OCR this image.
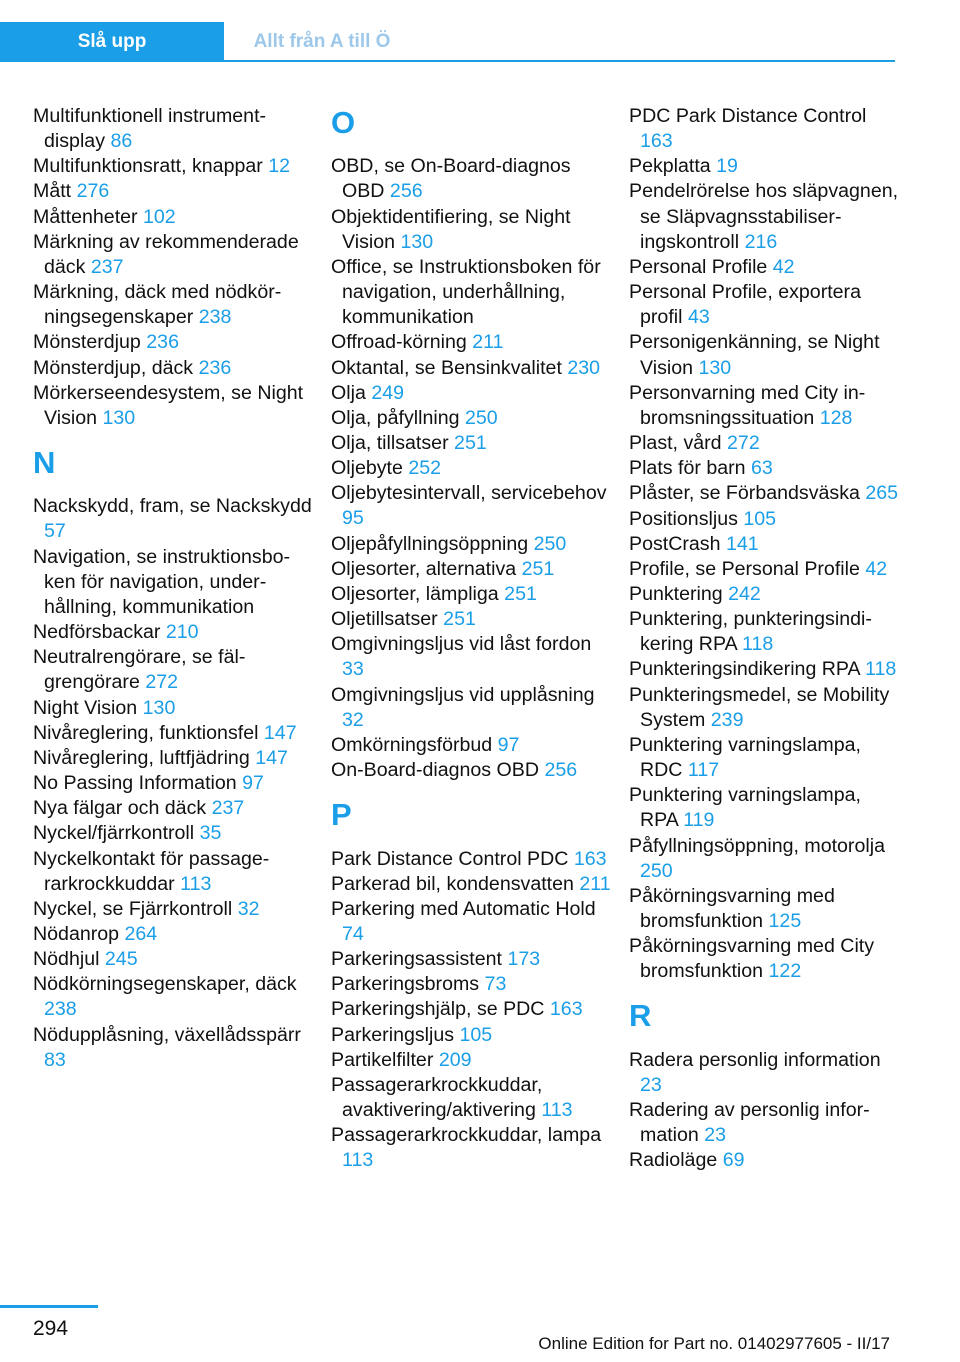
Slå upp	Allt från A till Ö

Multifunktionell instrumentdisplay 86

Multifunktionsratt, knappar 12

Mått 276

Måttenheter 102

Märkning av rekommenderade däck 237

Märkning, däck med nödkörningsegenskaper 238

Mönsterdjup 236

Mönsterdjup, däck 236

Mörkerseendesystem, se Night Vision 130

N

Nackskydd, fram, se Nackskydd 57

Navigation, se instruktionsboken för navigation, underhållning, kommunikation

Nedförsbackar 210

Neutralrengörare, se fälgrengörare 272

Night Vision 130

Nivåreglering, funktionsfel 147

Nivåreglering, luftfjädring 147

No Passing Information 97

Nya fälgar och däck 237

Nyckel/fjärrkontroll 35

Nyckelkontakt för passagerarkrockkuddar 113

Nyckel, se Fjärrkontroll 32

Nödanrop 264

Nödhjul 245

Nödkörningsegenskaper, däck 238

Nödupplåsning, växellådsspärr 83

O

OBD, se On-Board-diagnos OBD 256

Objektidentifiering, se Night Vision 130

Office, se Instruktionsboken för navigation, underhållning, kommunikation

Offroad-körning 211

Oktantal, se Bensinkvalitet 230

Olja 249

Olja, påfyllning 250

Olja, tillsatser 251

Oljebyte 252

Oljebytesintervall, servicebehov 95

Oljepåfyllningsöppning 250

Oljesorter, alternativa 251

Oljesorter, lämpliga 251

Oljetillsatser 251

Omgivningsljus vid låst fordon 33

Omgivningsljus vid upplåsning 32

Omkörningsförbud 97

On-Board-diagnos OBD 256

P

Park Distance Control PDC 163

Parkerad bil, kondensvatten 211

Parkering med Automatic Hold 74

Parkeringsassistent 173

Parkeringsbroms 73

Parkeringshjälp, se PDC 163

Parkeringsljus 105

Partikelfilter 209

Passagerarkrockkuddar, avaktivering/aktivering 113

Passagerarkrockkuddar, lampa 113

PDC Park Distance Control 163

Pekplatta 19

Pendelrörelse hos släpvagnen, se Släpvagnsstabiliseringskontroll 216

Personal Profile 42

Personal Profile, exportera profil 43

Personigenkänning, se Night Vision 130

Personvarning med City inbromsningssituation 128

Plast, vård 272

Plats för barn 63

Plåster, se Förbandsväska 265

Positionsljus 105

PostCrash 141

Profile, se Personal Profile 42

Punktering 242

Punktering, punkteringsindikering RPA 118

Punkteringsindikering RPA 118

Punkteringsmedel, se Mobility System 239

Punktering varningslampa, RDC 117

Punktering varningslampa, RPA 119

Påfyllningsöppning, motorolja 250

Påkörningsvarning med bromsfunktion 125

Påkörningsvarning med City bromsfunktion 122

R

Radera personlig information 23

Radering av personlig information 23

Radioläge 69

294
Online Edition for Part no. 01402977605 - II/17
